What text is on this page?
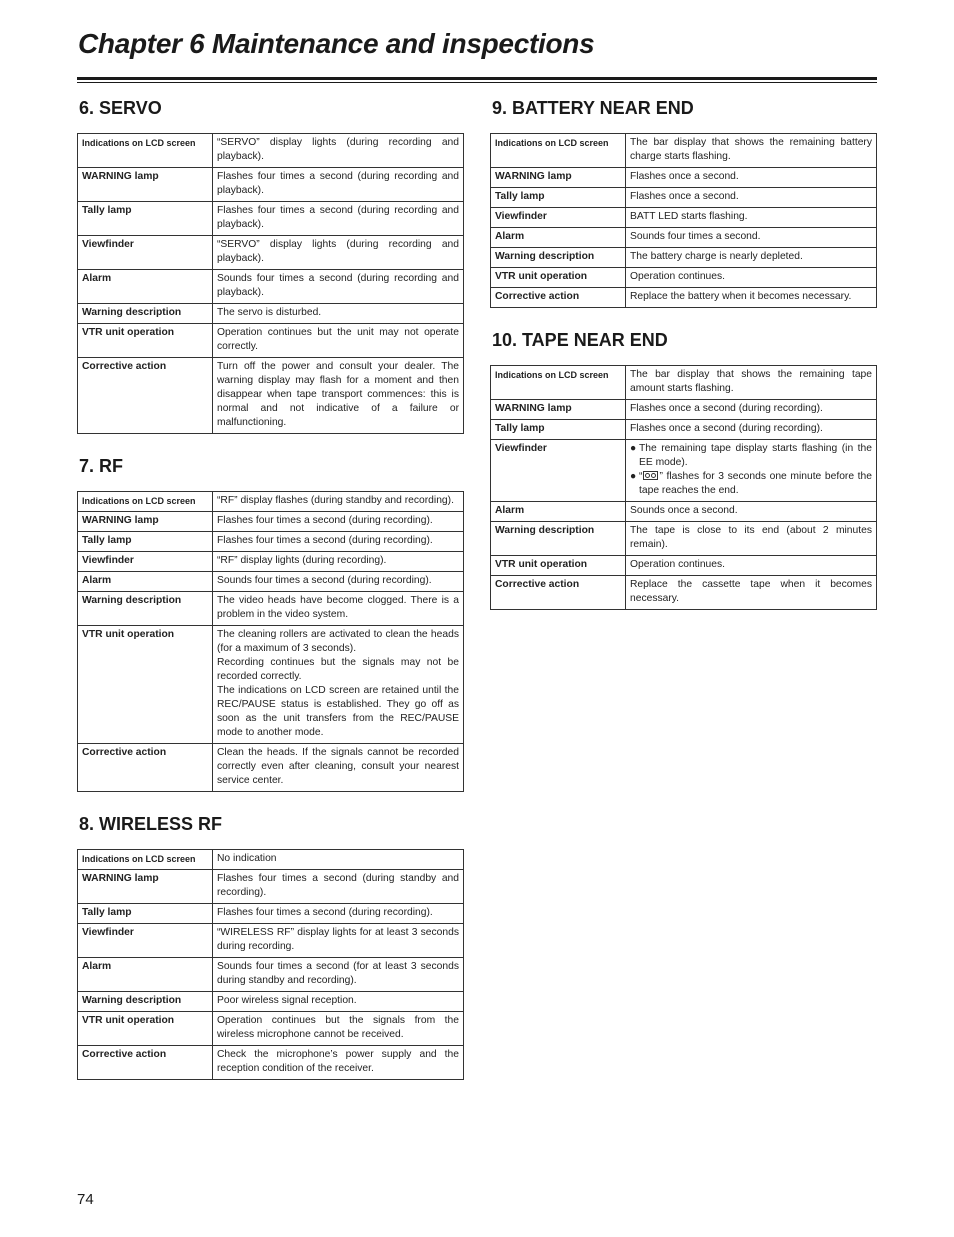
Chapter 6 Maintenance and inspections
6. SERVO
Indications on LCD screen	“SERVO” display lights (during recording and playback).
WARNING lamp	Flashes four times a second (during recording and playback).
Tally lamp	Flashes four times a second (during recording and playback).
Viewfinder	“SERVO” display lights (during recording and playback).
Alarm	Sounds four times a second (during recording and playback).
Warning description	The servo is disturbed.
VTR unit operation	Operation continues but the unit may not operate correctly.
Corrective action	Turn off the power and consult your dealer. The warning display may flash for a moment and then disappear when tape transport commences: this is normal and not indicative of a failure or malfunctioning.
7. RF
Indications on LCD screen	“RF” display flashes (during standby and recording).
WARNING lamp	Flashes four times a second (during recording).
Tally lamp	Flashes four times a second (during recording).
Viewfinder	“RF” display lights (during recording).
Alarm	Sounds four times a second (during recording).
Warning description	The video heads have become clogged. There is a problem in the video system.
VTR unit operation	The cleaning rollers are activated to clean the heads (for a maximum of 3 seconds).
Recording continues but the signals may not be recorded correctly.
The indications on LCD screen are retained until the REC/PAUSE status is established. They go off as soon as the unit transfers from the REC/PAUSE mode to another mode.
Corrective action	Clean the heads. If the signals cannot be recorded correctly even after cleaning, consult your nearest service center.
8. WIRELESS RF
Indications on LCD screen	No indication
WARNING lamp	Flashes four times a second (during standby and recording).
Tally lamp	Flashes four times a second (during recording).
Viewfinder	“WIRELESS RF” display lights for at least 3 seconds during recording.
Alarm	Sounds four times a second (for at least 3 seconds during standby and recording).
Warning description	Poor wireless signal reception.
VTR unit operation	Operation continues but the signals from the wireless microphone cannot be received.
Corrective action	Check the microphone’s power supply and the reception condition of the receiver.
9. BATTERY NEAR END
Indications on LCD screen	The bar display that shows the remaining battery charge starts flashing.
WARNING lamp	Flashes once a second.
Tally lamp	Flashes once a second.
Viewfinder	BATT LED starts flashing.
Alarm	Sounds four times a second.
Warning description	The battery charge is nearly depleted.
VTR unit operation	Operation continues.
Corrective action	Replace the battery when it becomes necessary.
10. TAPE NEAR END
Indications on LCD screen	The bar display that shows the remaining tape amount starts flashing.
WARNING lamp	Flashes once a second (during recording).
Tally lamp	Flashes once a second (during recording).
Viewfinder	● The remaining tape display starts flashing (in the EE mode).
● “ ” flashes for 3 seconds one minute before the tape reaches the end.

Alarm	Sounds once a second.
Warning description	The tape is close to its end (about 2 minutes remain).
VTR unit operation	Operation continues.
Corrective action	Replace the cassette tape when it becomes necessary.
74
